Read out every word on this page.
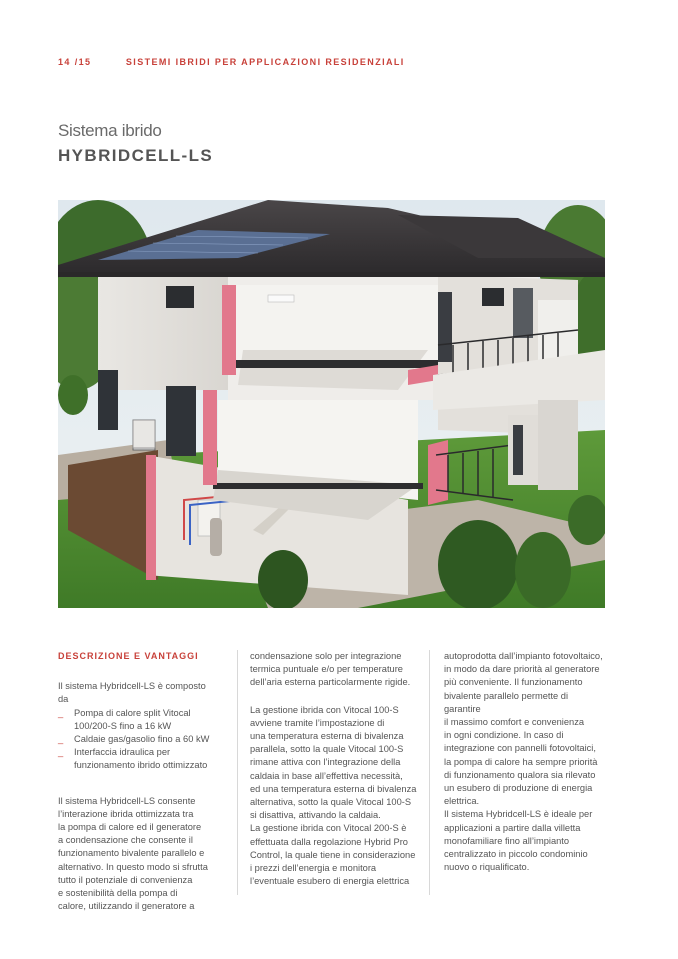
14 /15	SISTEMI IBRIDI PER APPLICAZIONI RESIDENZIALI
Sistema ibrido
HYBRIDCELL-LS
DESCRIZIONE E VANTAGGI

Il sistema Hybridcell-LS è composto da

_ Pompa di calore split Vitocal
100/200-S fino a 16 kW
_ Caldaie gas/gasolio fino a 60 kW
_ Interfaccia idraulica per
funzionamento ibrido ottimizzato
Il sistema Hybridcell-LS consente
l’interazione ibrida ottimizzata tra
la pompa di calore ed il generatore
a condensazione che consente il
funzionamento bivalente parallelo e
alternativo. In questo modo si sfrutta
tutto il potenziale di convenienza
e sostenibilità della pompa di
calore, utilizzando il generatore a
condensazione solo per integrazione
termica puntuale e/o per temperature
dell’aria esterna particolarmente rigide.
La gestione ibrida con Vitocal 100-S
avviene tramite l’impostazione di
una temperatura esterna di bivalenza
parallela, sotto la quale Vitocal 100-S
rimane attiva con l’integrazione della
caldaia in base all’effettiva necessità,
ed una temperatura esterna di bivalenza
alternativa, sotto la quale Vitocal 100-S
si disattiva, attivando la caldaia.
La gestione ibrida con Vitocal 200-S è
effettuata dalla regolazione Hybrid Pro
Control, la quale tiene in considerazione
i prezzi dell’energia e monitora
l’eventuale esubero di energia elettrica
autoprodotta dall’impianto fotovoltaico,
in modo da dare priorità al generatore
più conveniente. Il funzionamento
bivalente parallelo permette di garantire
il massimo comfort e convenienza
in ogni condizione. In caso di
integrazione con pannelli fotovoltaici,
la pompa di calore ha sempre priorità
di funzionamento qualora sia rilevato
un esubero di produzione di energia
elettrica.
Il sistema Hybridcell-LS è ideale per
applicazioni a partire dalla villetta
monofamiliare fino all’impianto
centralizzato in piccolo condominio
nuovo o riqualificato.
